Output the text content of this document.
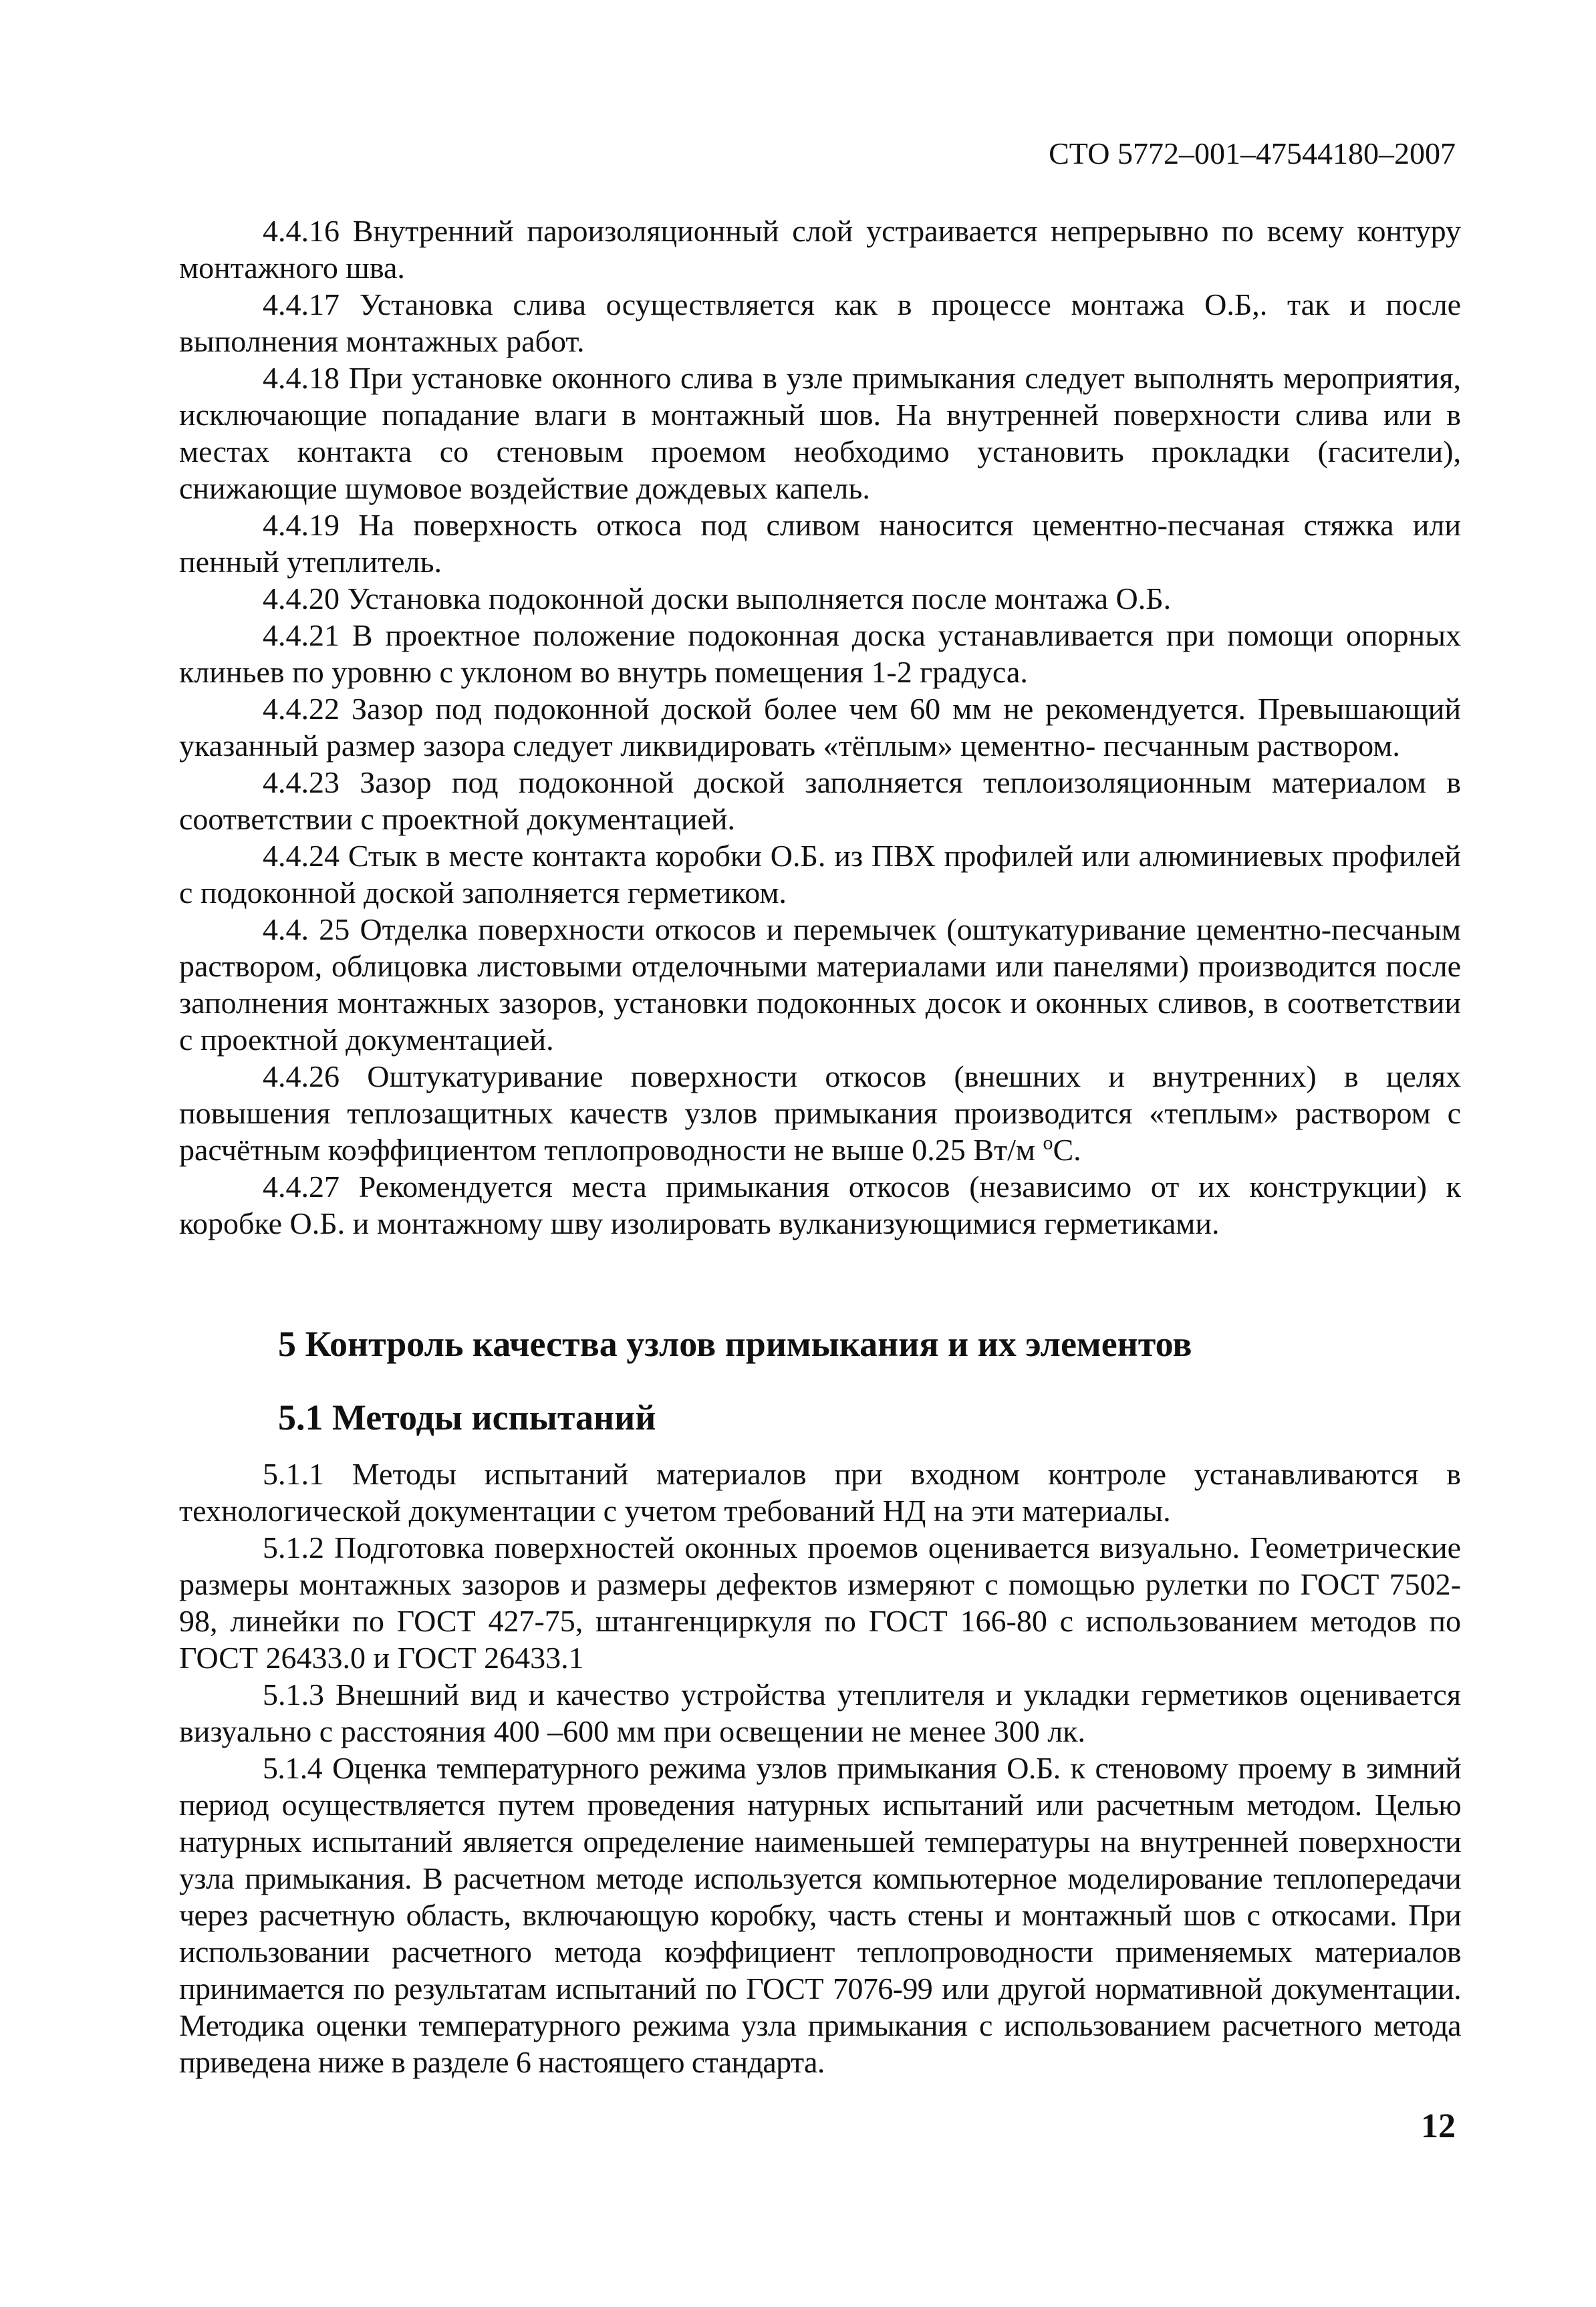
СТО 5772–001–47544180–2007

4.4.16 Внутренний пароизоляционный слой устраивается непрерывно по всему контуру монтажного шва.

4.4.17 Установка слива осуществляется как в процессе монтажа О.Б,. так и после выполнения монтажных работ.

4.4.18 При установке оконного слива в узле примыкания следует выполнять мероприятия, исключающие попадание влаги в монтажный шов. На внутренней поверхности слива или в местах контакта со стеновым проемом необходимо установить прокладки (гасители), снижающие шумовое воздействие дождевых капель.

4.4.19 На поверхность откоса под сливом наносится цементно-песчаная стяжка или пенный утеплитель.

4.4.20 Установка подоконной доски выполняется после монтажа О.Б.

4.4.21 В проектное положение подоконная доска устанавливается при помощи опорных клиньев по уровню с уклоном во внутрь помещения 1-2 градуса.

4.4.22 Зазор под подоконной доской более чем 60 мм не рекомендуется. Превышающий указанный размер зазора следует ликвидировать «тёплым» цементно- песчанным раствором.

4.4.23 Зазор под подоконной доской заполняется теплоизоляционным материалом в соответствии с проектной документацией.

4.4.24 Стык в месте контакта коробки О.Б. из ПВХ профилей или алюминиевых профилей с подоконной доской заполняется герметиком.

4.4. 25 Отделка поверхности откосов и перемычек (оштукатуривание цементно-песчаным раствором, облицовка листовыми отделочными материалами или панелями) производится после заполнения монтажных зазоров, установки подоконных досок и оконных сливов, в соответствии с проектной документацией.

4.4.26 Оштукатуривание поверхности откосов (внешних и внутренних) в целях повышения теплозащитных качеств узлов примыкания производится «теплым» раствором с расчётным коэффициентом теплопроводности не выше 0.25 Вт/м $^o$С.

4.4.27 Рекомендуется места примыкания откосов (независимо от их конструкции) к коробке О.Б. и монтажному шву изолировать вулканизующимися герметиками.

5 Контроль качества узлов примыкания и их элементов
5.1 Методы испытаний

5.1.1 Методы испытаний материалов при входном контроле устанавливаются в технологической документации с учетом требований НД на эти материалы.

5.1.2 Подготовка поверхностей оконных проемов оценивается визуально. Геометрические размеры монтажных зазоров и размеры дефектов измеряют с помощью рулетки по ГОСТ 7502-98, линейки по ГОСТ 427-75, штангенциркуля по ГОСТ 166-80 с использованием методов по ГОСТ 26433.0 и ГОСТ 26433.1

5.1.3 Внешний вид и качество устройства утеплителя и укладки герметиков оценивается визуально с расстояния 400 –600 мм при освещении не менее 300 лк.

5.1.4 Оценка температурного режима узлов примыкания О.Б. к стеновому проему в зимний период осуществляется путем проведения натурных испытаний или расчетным методом. Целью натурных испытаний является определение наименьшей температуры на внутренней поверхности узла примыкания. В расчетном методе используется компьютерное моделирование теплопередачи через расчетную область, включающую коробку, часть стены и монтажный шов с откосами. При использовании расчетного метода коэффициент теплопроводности применяемых материалов принимается по результатам испытаний по ГОСТ 7076-99 или другой нормативной документации. Методика оценки температурного режима узла примыкания с использованием расчетного метода приведена ниже в разделе 6 настоящего стандарта.

12
